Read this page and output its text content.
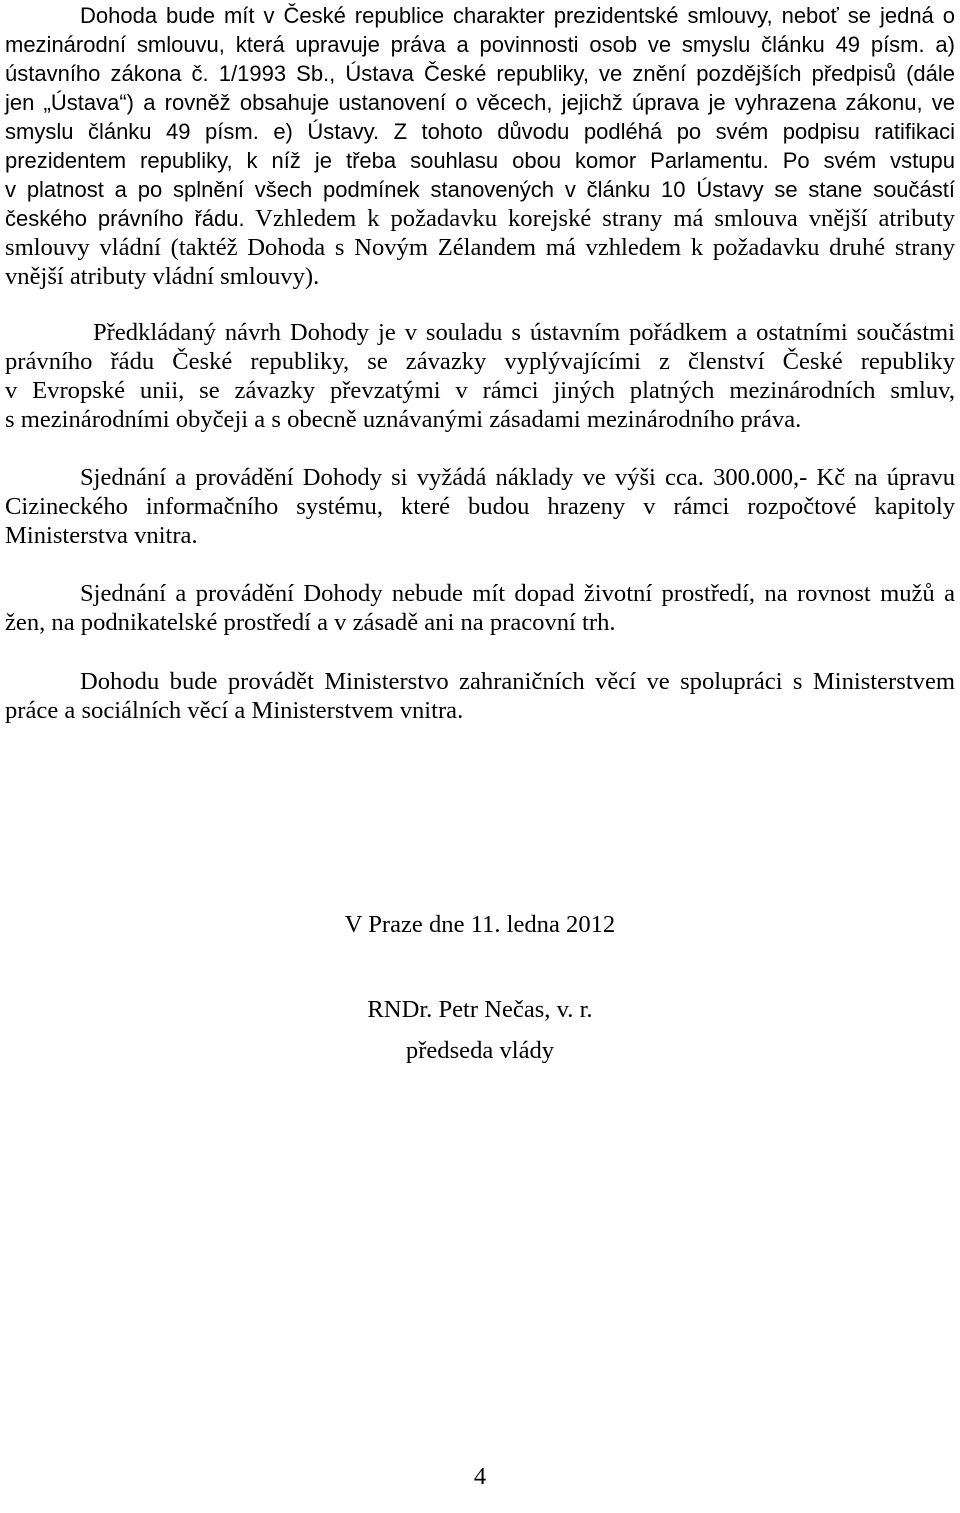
Dohoda bude mít v České republice charakter prezidentské smlouvy, neboť se jedná o
mezinárodní smlouvu, která upravuje práva a povinnosti osob ve smyslu článku 49 písm. a)
ústavního zákona č. 1/1993 Sb., Ústava České republiky, ve znění pozdějších předpisů (dále
jen „Ústava“) a rovněž obsahuje ustanovení o věcech, jejichž úprava je vyhrazena zákonu, ve
smyslu článku 49 písm. e) Ústavy. Z tohoto důvodu podléhá po svém podpisu ratifikaci
prezidentem republiky, k níž je třeba souhlasu obou komor Parlamentu. Po svém vstupu
v platnost a po splnění všech podmínek stanovených v článku 10 Ústavy se stane součástí
českého právního řádu. Vzhledem k požadavku korejské strany má smlouva vnější atributy
smlouvy vládní (taktéž Dohoda s Novým Zélandem má vzhledem k požadavku druhé strany
vnější atributy vládní smlouvy).
Předkládaný návrh Dohody je v souladu s ústavním pořádkem a ostatními součástmi
právního řádu České republiky, se závazky vyplývajícími z členství České republiky
v Evropské unii, se závazky převzatými v rámci jiných platných mezinárodních smluv,
s mezinárodními obyčeji a s obecně uznávanými zásadami mezinárodního práva.
Sjednání a provádění Dohody si vyžádá náklady ve výši cca. 300.000,- Kč na úpravu
Cizineckého informačního systému, které budou hrazeny v rámci rozpočtové kapitoly
Ministerstva vnitra.
Sjednání a provádění Dohody nebude mít dopad životní prostředí, na rovnost mužů a
žen, na podnikatelské prostředí a v zásadě ani na pracovní trh.
Dohodu bude provádět Ministerstvo zahraničních věcí ve spolupráci s Ministerstvem
práce a sociálních věcí a Ministerstvem vnitra.
V Praze dne 11. ledna 2012
RNDr. Petr Nečas, v. r.
předseda vlády
4
